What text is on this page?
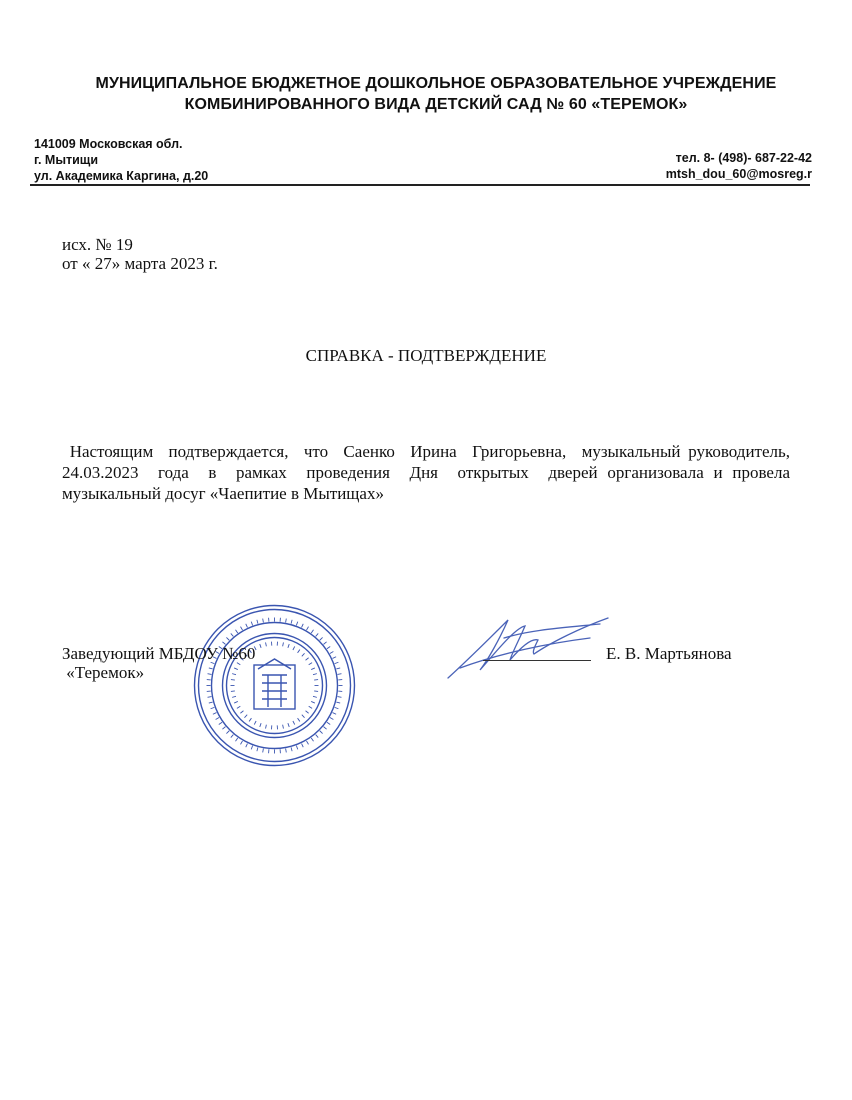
МУНИЦИПАЛЬНОЕ БЮДЖЕТНОЕ ДОШКОЛЬНОЕ ОБРАЗОВАТЕЛЬНОЕ УЧРЕЖДЕНИЕ
КОМБИНИРОВАННОГО ВИДА ДЕТСКИЙ САД № 60 «ТЕРЕМОК»
141009 Московская обл.
г. Мытищи
ул. Академика Каргина, д.20
тел. 8- (498)- 687-22-42
mtsh_dou_60@mosreg.r
исх. № 19
от « 27» марта 2023 г.
СПРАВКА - ПОДТВЕРЖДЕНИЕ
Настоящим  подтверждается,  что  Саенко  Ирина  Григорьевна,  музыкальный руководитель,    24.03.2023  года  в  рамках  проведения  Дня  открытых  дверей организовала и провела музыкальный досуг «Чаепитие в Мытищах»
Заведующий МБДОУ №60
«Теремок»
Е. В. Мартьянова
